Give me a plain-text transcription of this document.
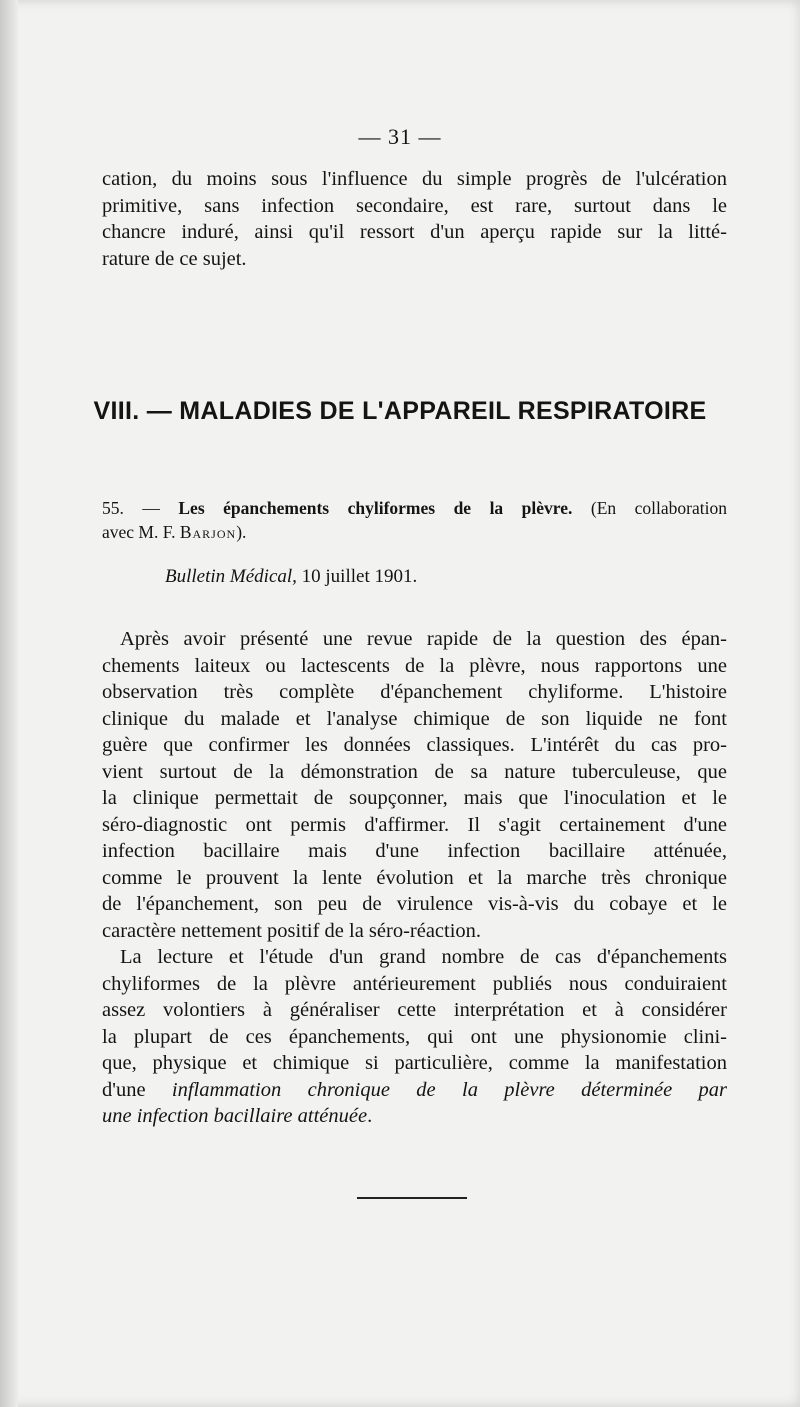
— 31 —
cation, du moins sous l'influence du simple progrès de l'ulcération
primitive, sans infection secondaire, est rare, surtout dans le
chancre induré, ainsi qu'il ressort d'un aperçu rapide sur la litté-
rature de ce sujet.
VIII. — MALADIES DE L'APPAREIL RESPIRATOIRE
55. — Les épanchements chyliformes de la plèvre. (En collaboration
avec M. F. Barjon).
Bulletin Médical, 10 juillet 1901.
Après avoir présenté une revue rapide de la question des épan-
chements laiteux ou lactescents de la plèvre, nous rapportons une
observation très complète d'épanchement chyliforme. L'histoire
clinique du malade et l'analyse chimique de son liquide ne font
guère que confirmer les données classiques. L'intérêt du cas pro-
vient surtout de la démonstration de sa nature tuberculeuse, que
la clinique permettait de soupçonner, mais que l'inoculation et le
séro-diagnostic ont permis d'affirmer. Il s'agit certainement d'une
infection bacillaire mais d'une infection bacillaire atténuée,
comme le prouvent la lente évolution et la marche très chronique
de l'épanchement, son peu de virulence vis-à-vis du cobaye et le
caractère nettement positif de la séro-réaction.
La lecture et l'étude d'un grand nombre de cas d'épanchements
chyliformes de la plèvre antérieurement publiés nous conduiraient
assez volontiers à généraliser cette interprétation et à considérer
la plupart de ces épanchements, qui ont une physionomie clini-
que, physique et chimique si particulière, comme la manifestation
d'une inflammation chronique de la plèvre déterminée par
une infection bacillaire atténuée.
